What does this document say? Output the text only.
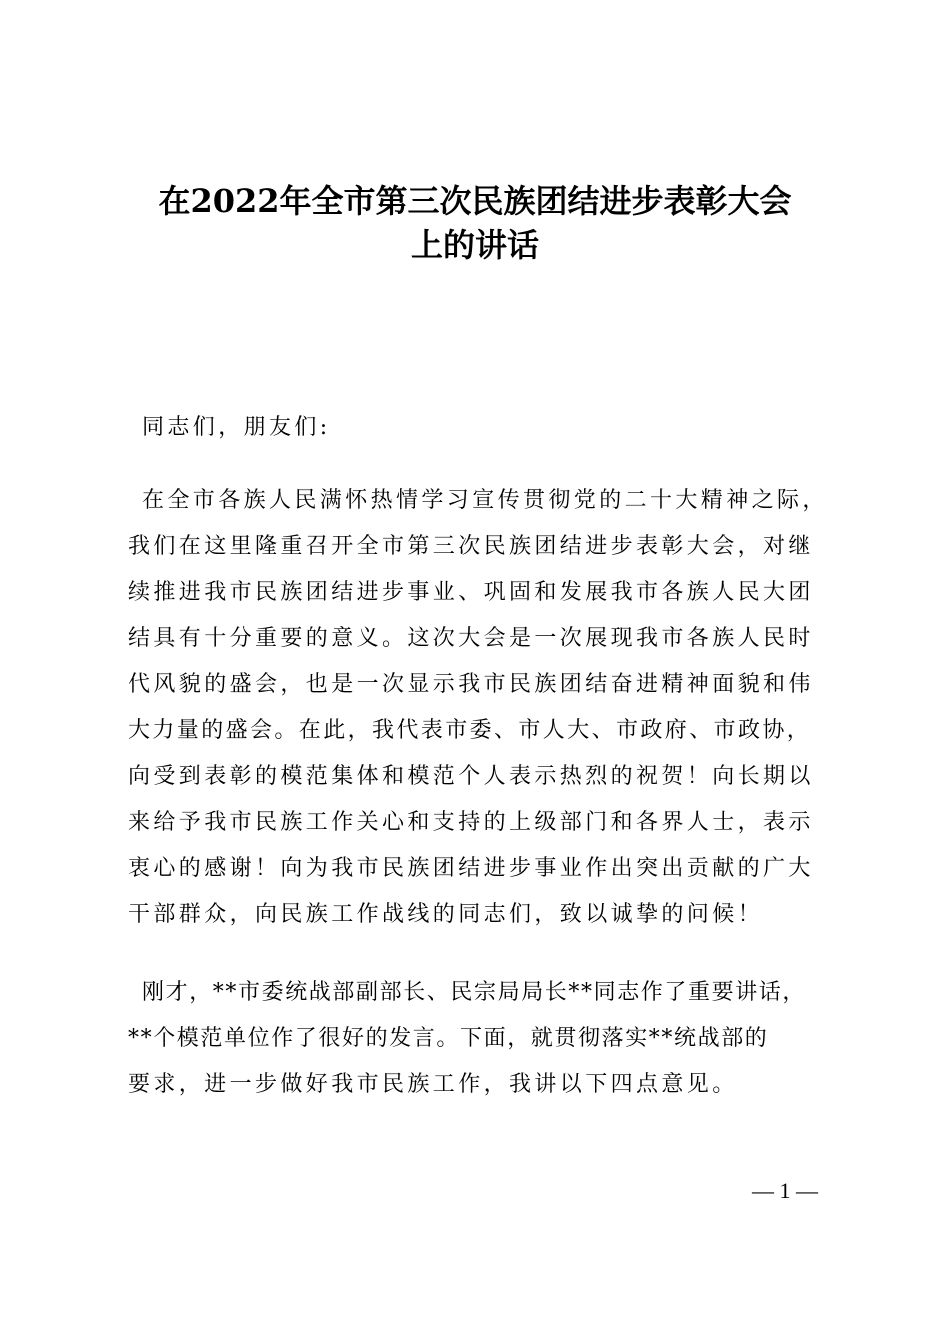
在2022年全市第三次民族团结进步表彰大会
上的讲话
同志们，朋友们:
在全市各族人民满怀热情学习宣传贯彻党的二十大精神之际，
我们在这里隆重召开全市第三次民族团结进步表彰大会，对继
续推进我市民族团结进步事业、巩固和发展我市各族人民大团
结具有十分重要的意义。这次大会是一次展现我市各族人民时
代风貌的盛会，也是一次显示我市民族团结奋进精神面貌和伟
大力量的盛会。在此，我代表市委、市人大、市政府、市政协，
向受到表彰的模范集体和模范个人表示热烈的祝贺！向长期以
来给予我市民族工作关心和支持的上级部门和各界人士，表示
衷心的感谢！向为我市民族团结进步事业作出突出贡献的广大
干部群众，向民族工作战线的同志们，致以诚挚的问候！
刚才，**市委统战部副部长、民宗局局长**同志作了重要讲话，
**个模范单位作了很好的发言。下面，就贯彻落实**统战部的
要求，进一步做好我市民族工作，我讲以下四点意见。
— 1 —
